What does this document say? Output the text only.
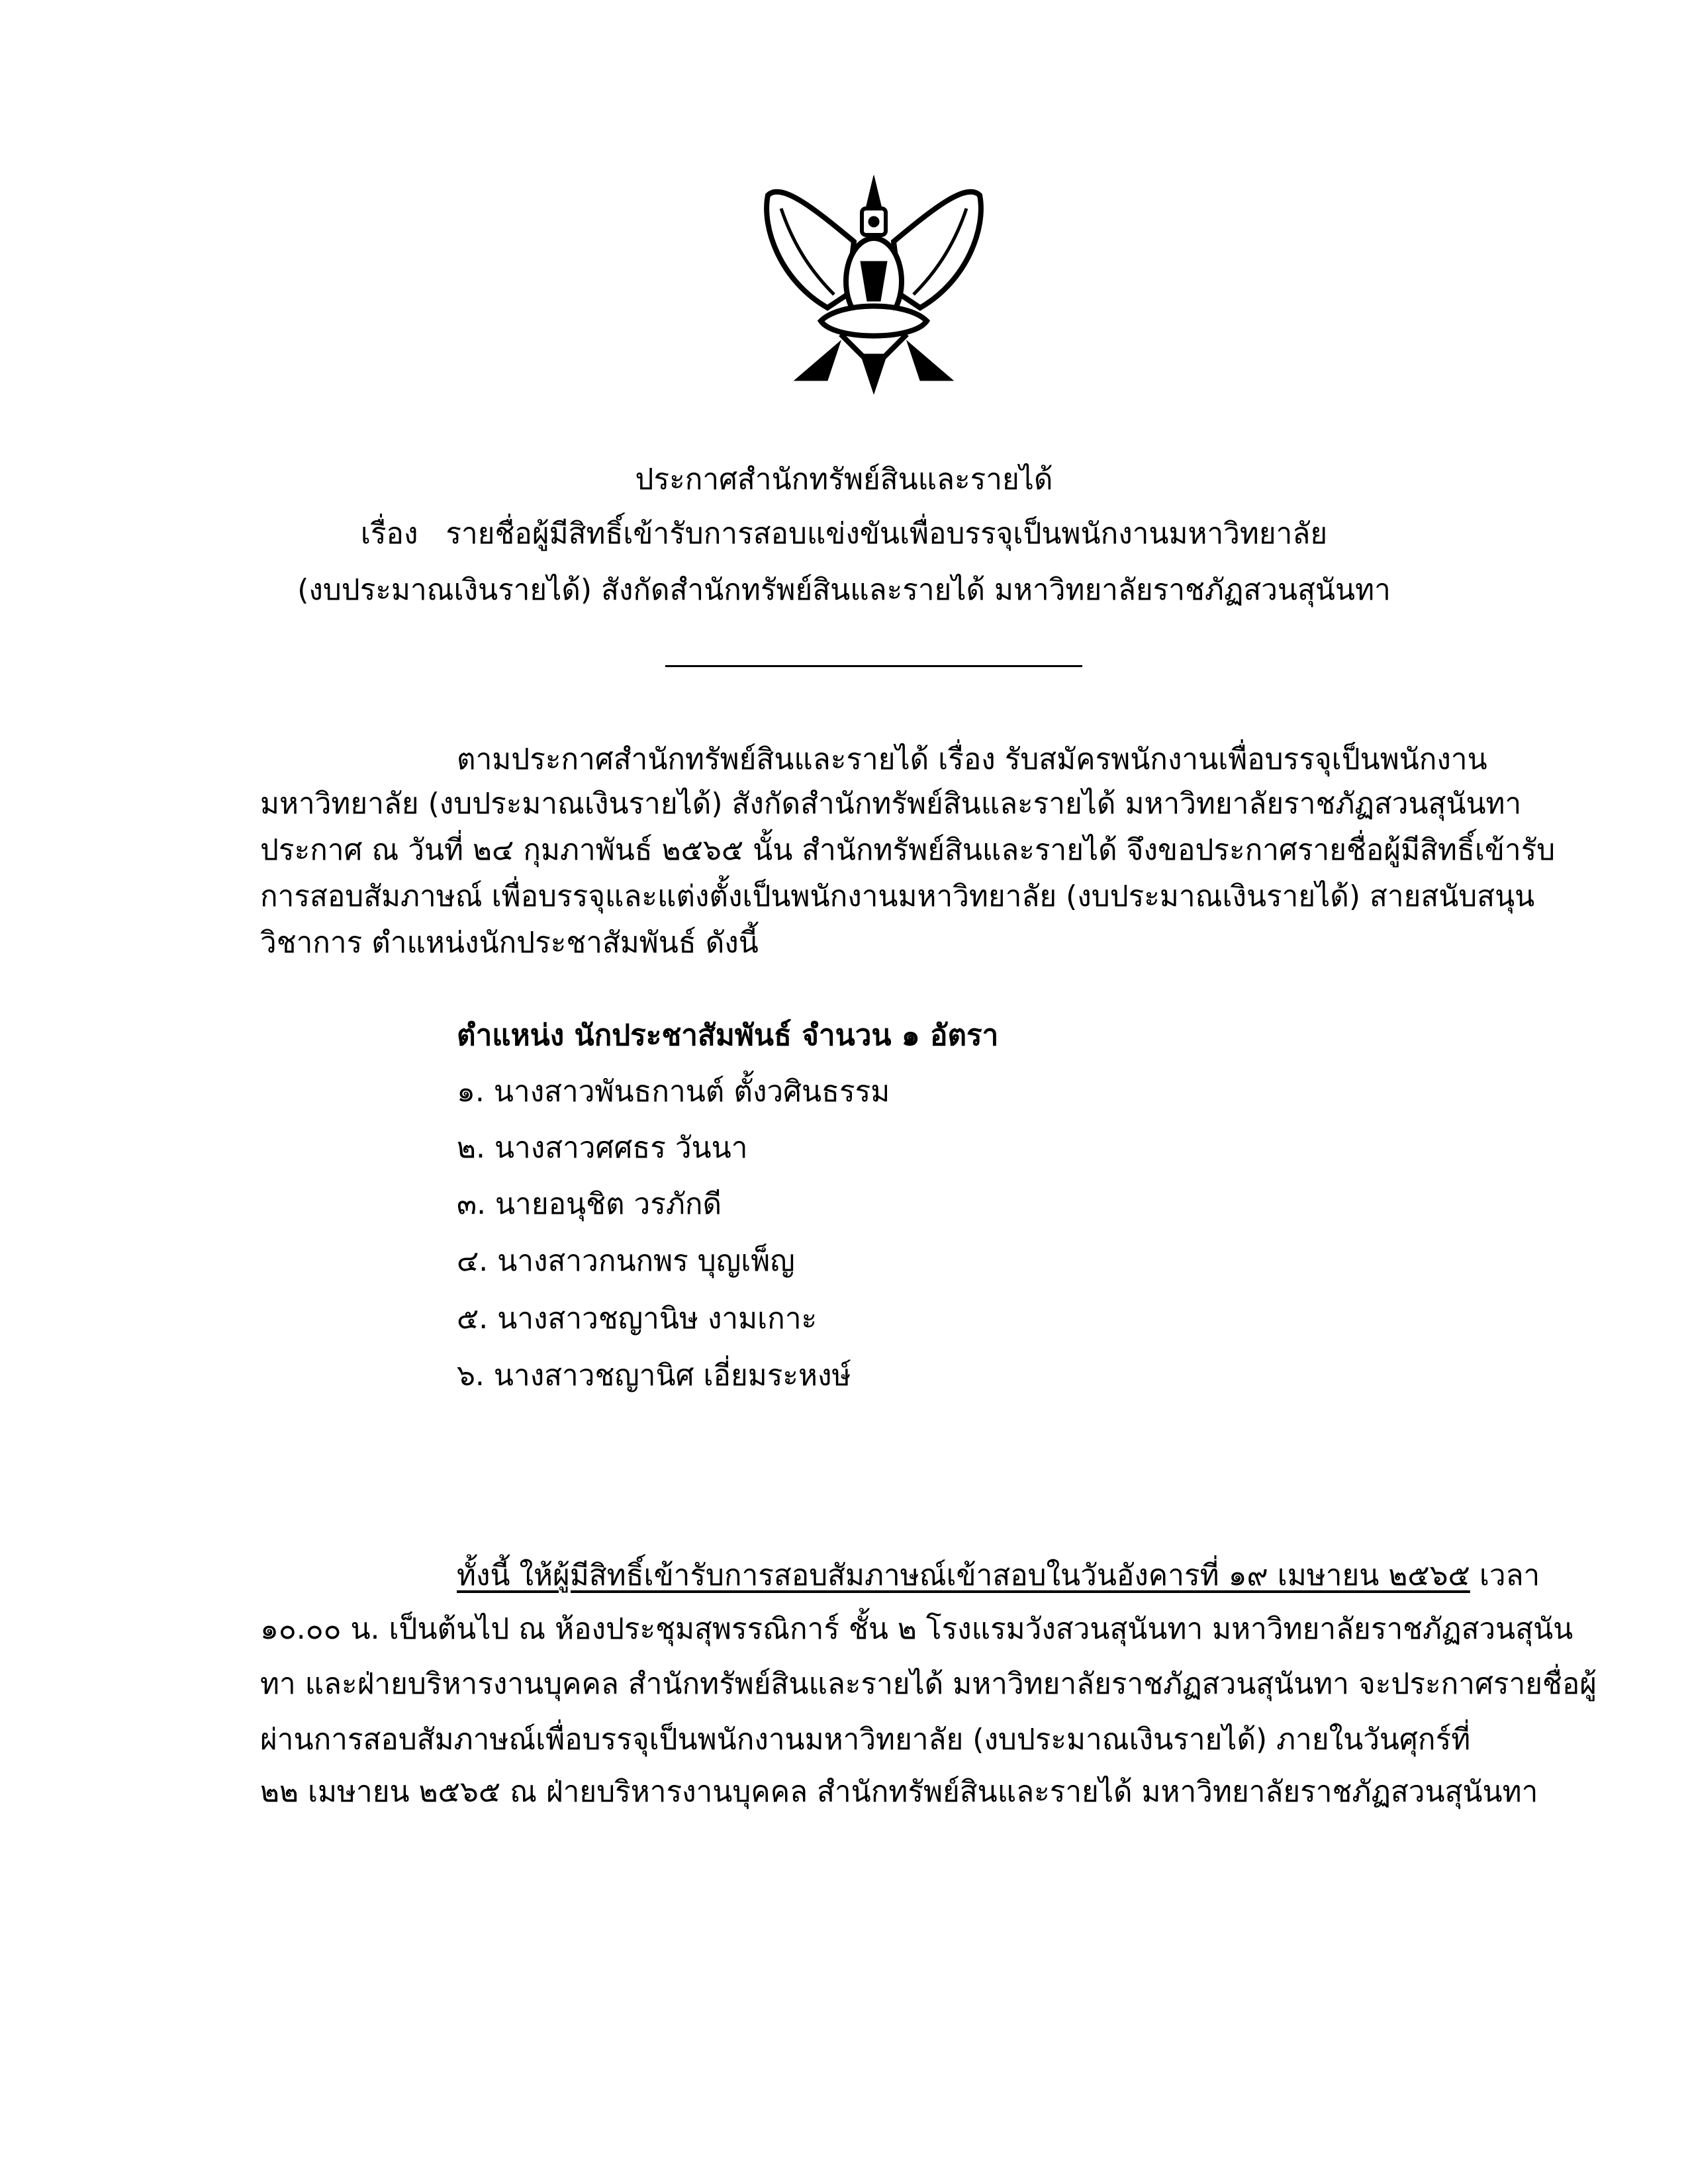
ประกาศสำนักทรัพย์สินและรายได้
เรื่อง รายชื่อผู้มีสิทธิ์เข้ารับการสอบแข่งขันเพื่อบรรจุเป็นพนักงานมหาวิทยาลัย
(งบประมาณเงินรายได้) สังกัดสำนักทรัพย์สินและรายได้ มหาวิทยาลัยราชภัฏสวนสุนันทา
ตามประกาศสำนักทรัพย์สินและรายได้ เรื่อง รับสมัครพนักงานเพื่อบรรจุเป็นพนักงาน
มหาวิทยาลัย (งบประมาณเงินรายได้) สังกัดสำนักทรัพย์สินและรายได้ มหาวิทยาลัยราชภัฏสวนสุนันทา
ประกาศ ณ วันที่ ๒๔ กุมภาพันธ์ ๒๕๖๕ นั้น สำนักทรัพย์สินและรายได้ จึงขอประกาศรายชื่อผู้มีสิทธิ์เข้ารับ
การสอบสัมภาษณ์ เพื่อบรรจุและแต่งตั้งเป็นพนักงานมหาวิทยาลัย (งบประมาณเงินรายได้) สายสนับสนุน
วิชาการ ตำแหน่งนักประชาสัมพันธ์ ดังนี้
ตำแหน่ง นักประชาสัมพันธ์ จำนวน ๑ อัตรา
๑. นางสาวพันธกานต์ ตั้งวศินธรรม
๒. นางสาวศศธร วันนา
๓. นายอนุชิต วรภักดี
๔. นางสาวกนกพร บุญเพ็ญ
๕. นางสาวชญานิษ งามเกาะ
๖. นางสาวชญานิศ เอี่ยมระหงษ์
ทั้งนี้ ให้ผู้มีสิทธิ์เข้ารับการสอบสัมภาษณ์เข้าสอบในวันอังคารที่ ๑๙ เมษายน ๒๕๖๕ เวลา
๑๐.๐๐ น. เป็นต้นไป ณ ห้องประชุมสุพรรณิการ์ ชั้น ๒ โรงแรมวังสวนสุนันทา มหาวิทยาลัยราชภัฏสวนสุนัน
ทา และฝ่ายบริหารงานบุคคล สำนักทรัพย์สินและรายได้ มหาวิทยาลัยราชภัฏสวนสุนันทา จะประกาศรายชื่อผู้
ผ่านการสอบสัมภาษณ์เพื่อบรรจุเป็นพนักงานมหาวิทยาลัย (งบประมาณเงินรายได้) ภายในวันศุกร์ที่
๒๒ เมษายน ๒๕๖๕ ณ ฝ่ายบริหารงานบุคคล สำนักทรัพย์สินและรายได้ มหาวิทยาลัยราชภัฏสวนสุนันทา
